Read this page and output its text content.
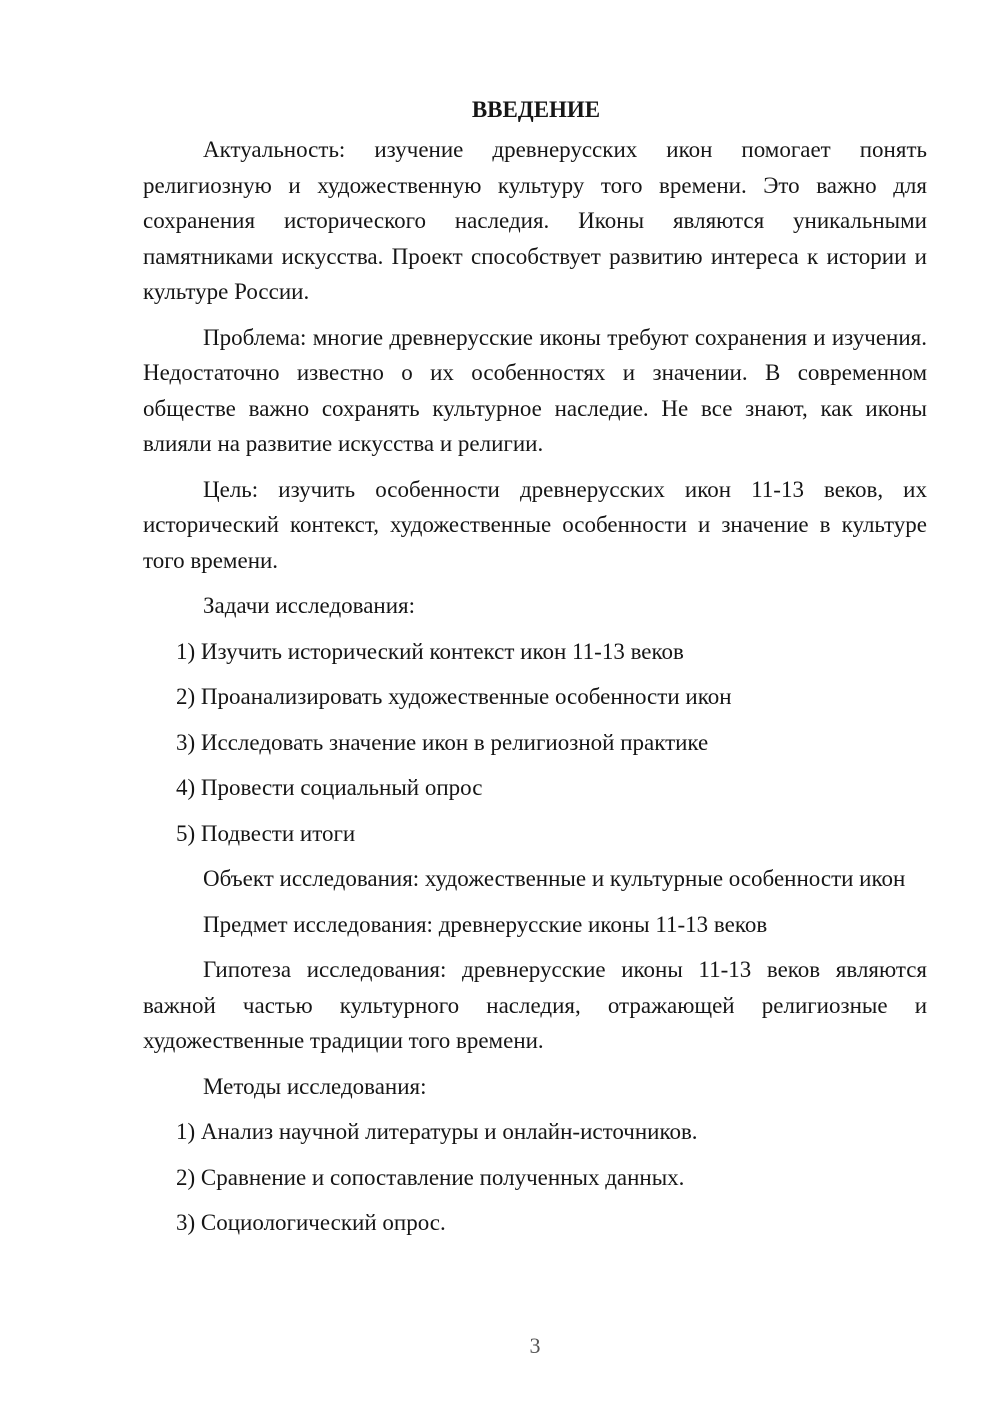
ВВЕДЕНИЕ

Актуальность: изучение древнерусских икон помогает понять религиозную и художественную культуру того времени. Это важно для сохранения исторического наследия. Иконы являются уникальными памятниками искусства. Проект способствует развитию интереса к истории и культуре России.

Проблема: многие древнерусские иконы требуют сохранения и изучения. Недостаточно известно о их особенностях и значении. В современном обществе важно сохранять культурное наследие. Не все знают, как иконы влияли на развитие искусства и религии.

Цель: изучить особенности древнерусских икон 11-13 веков, их исторический контекст, художественные особенности и значение в культуре того времени.

Задачи исследования:

1) Изучить исторический контекст икон 11-13 веков
2) Проанализировать художественные особенности икон
3) Исследовать значение икон в религиозной практике
4) Провести социальный опрос
5) Подвести итоги

Объект исследования: художественные и культурные особенности икон

Предмет исследования: древнерусские иконы 11-13 веков

Гипотеза исследования: древнерусские иконы 11-13 веков являются важной частью культурного наследия, отражающей религиозные и художественные традиции того времени.

Методы исследования:

1) Анализ научной литературы и онлайн-источников.
2) Сравнение и сопоставление полученных данных.
3) Социологический опрос.
3
